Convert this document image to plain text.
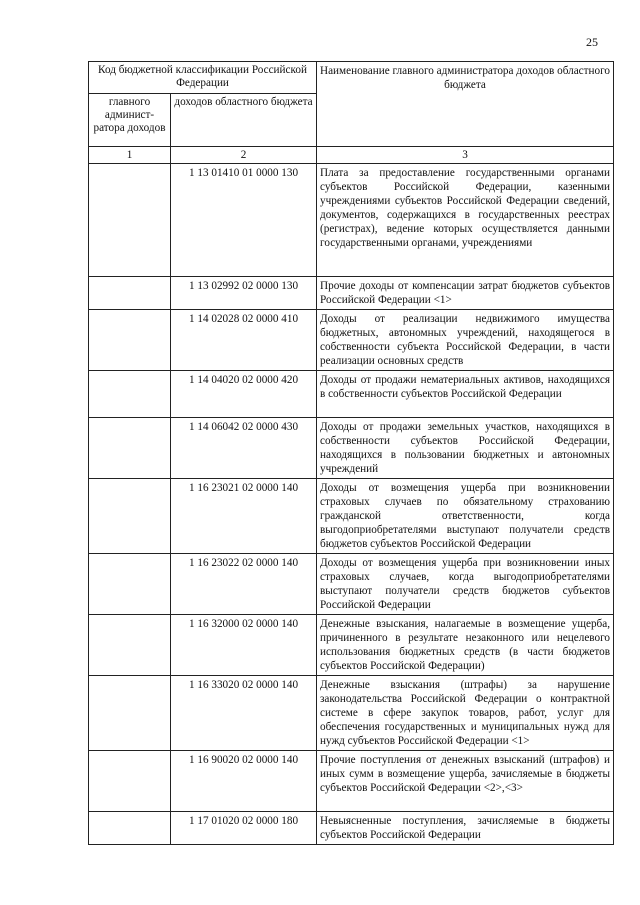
25
Код бюджетной классификации Российской Федерации		Наименование главного администратора доходов областного бюджета
главного админист-ратора доходов	доходов областного бюджета	
1	2	3
	1 13 01410 01 0000 130	Плата за предоставление государственными органами субъектов Российской Федерации, казенными учреждениями субъектов Российской Федерации сведений, документов, содержащихся в государственных реестрах (регистрах), ведение которых осуществляется данными государственными органами, учреждениями
	1 13 02992 02 0000 130	Прочие доходы от компенсации затрат бюджетов субъектов Российской Федерации <1>
	1 14 02028 02 0000 410	Доходы от реализации недвижимого имущества бюджетных, автономных учреждений, находящегося в собственности субъекта Российской Федерации, в части реализации основных средств
	1 14 04020 02 0000 420	Доходы от продажи нематериальных активов, находящихся в собственности субъектов Российской Федерации
	1 14 06042 02 0000 430	Доходы от продажи земельных участков, находящихся в собственности субъектов Российской Федерации, находящихся в пользовании бюджетных и автономных учреждений
	1 16 23021 02 0000 140	Доходы от возмещения ущерба при возникновении страховых случаев по обязательному страхованию гражданской ответственности, когда выгодоприобретателями выступают получатели средств бюджетов субъектов Российской Федерации
	1 16 23022 02 0000 140	Доходы от возмещения ущерба при возникновении иных страховых случаев, когда выгодоприобретателями выступают получатели средств бюджетов субъектов Российской Федерации
	1 16 32000 02 0000 140	Денежные взыскания, налагаемые в возмещение ущерба, причиненного в результате незаконного или нецелевого использования бюджетных средств (в части бюджетов субъектов Российской Федерации)
	1 16 33020 02 0000 140	Денежные взыскания (штрафы) за нарушение законодательства Российской Федерации о контрактной системе в сфере закупок товаров, работ, услуг для обеспечения государственных и муниципальных нужд для нужд субъектов Российской Федерации <1>
	1 16 90020 02 0000 140	Прочие поступления от денежных взысканий (штрафов) и иных сумм в возмещение ущерба, зачисляемые в бюджеты субъектов Российской Федерации <2>,<3>
	1 17 01020 02 0000 180	Невыясненные поступления, зачисляемые в бюджеты субъектов Российской Федерации
